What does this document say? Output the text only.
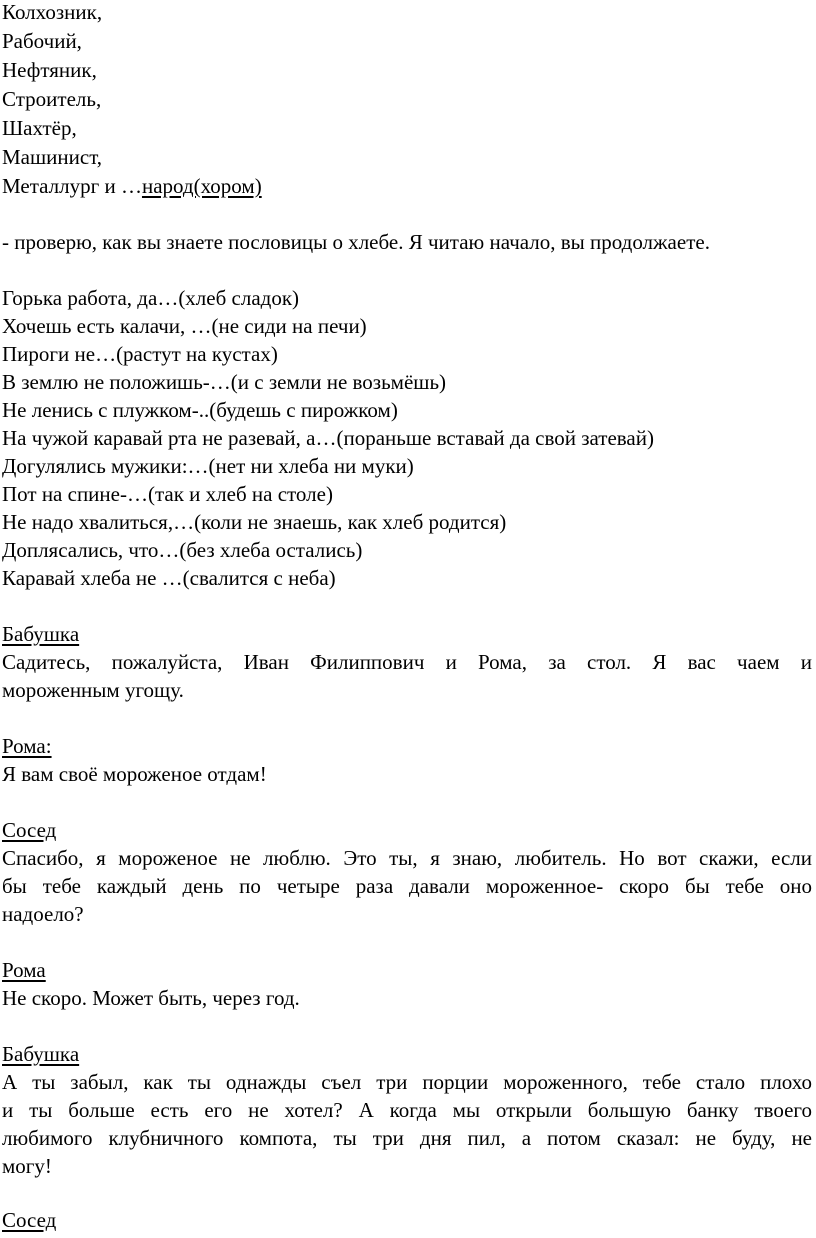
Колхозник,

Рабочий,

Нефтяник,

Строитель,

Шахтёр,

Машинист,

Металлург и …народ(хором)

- проверю, как вы знаете пословицы о хлебе. Я читаю начало, вы продолжаете.

Горька работа, да…(хлеб сладок)

Хочешь есть калачи, …(не сиди на печи)

Пироги не…(растут на кустах)

В землю не положишь-…(и с земли не возьмёшь)

Не ленись с плужком-..(будешь с пирожком)

На чужой каравай рта не разевай, а…(пораньше вставай да свой затевай)

Догулялись мужики:…(нет ни хлеба ни муки)

Пот на спине-…(так и хлеб на столе)

Не надо хвалиться,…(коли не знаешь, как хлеб родится)

Доплясались, что…(без хлеба остались)

Каравай хлеба не …(свалится с неба)

Бабушка

Садитесь, пожалуйста, Иван Филиппович и Рома, за стол. Я вас чаем и

мороженным угощу.

Рома:

Я вам своё мороженое отдам!

Сосед

Спасибо, я мороженое не люблю. Это ты, я знаю, любитель. Но вот скажи, если

бы тебе каждый день по четыре раза давали мороженное- скоро бы тебе оно

надоело?

Рома

Не скоро. Может быть, через год.

Бабушка

А ты забыл, как ты однажды съел три порции мороженного, тебе стало плохо

и ты больше есть его не хотел? А когда мы открыли большую банку твоего

любимого клубничного компота, ты три дня пил, а потом сказал: не буду, не

могу!

Сосед
